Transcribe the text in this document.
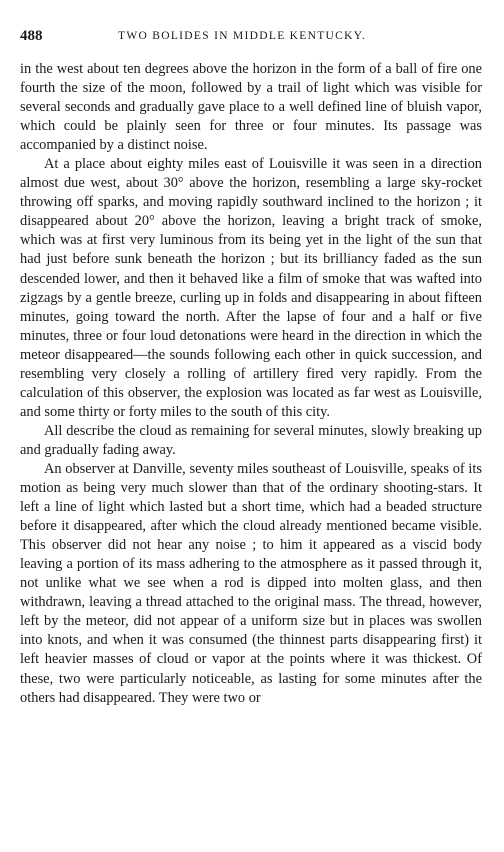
488	TWO BOLIDES IN MIDDLE KENTUCKY.

in the west about ten degrees above the horizon in the form of a ball of fire one fourth the size of the moon, followed by a trail of light which was visible for several seconds and gradually gave place to a well defined line of bluish vapor, which could be plainly seen for three or four minutes. Its passage was accompanied by a distinct noise.

At a place about eighty miles east of Louisville it was seen in a direction almost due west, about 30° above the horizon, resembling a large sky-rocket throwing off sparks, and moving rapidly southward inclined to the horizon ; it disappeared about 20° above the horizon, leaving a bright track of smoke, which was at first very luminous from its being yet in the light of the sun that had just before sunk beneath the horizon ; but its brilliancy faded as the sun descended lower, and then it behaved like a film of smoke that was wafted into zigzags by a gentle breeze, curling up in folds and disappearing in about fifteen minutes, going toward the north. After the lapse of four and a half or five minutes, three or four loud detonations were heard in the direction in which the meteor disappeared—the sounds following each other in quick succession, and resembling very closely a rolling of artillery fired very rapidly. From the calculation of this observer, the explosion was located as far west as Louisville, and some thirty or forty miles to the south of this city.

All describe the cloud as remaining for several minutes, slowly breaking up and gradually fading away.

An observer at Danville, seventy miles southeast of Louisville, speaks of its motion as being very much slower than that of the ordinary shooting-stars. It left a line of light which lasted but a short time, which had a beaded structure before it disappeared, after which the cloud already mentioned became visible. This observer did not hear any noise ; to him it appeared as a viscid body leaving a portion of its mass adhering to the atmosphere as it passed through it, not unlike what we see when a rod is dipped into molten glass, and then withdrawn, leaving a thread attached to the original mass. The thread, however, left by the meteor, did not appear of a uniform size but in places was swollen into knots, and when it was consumed (the thinnest parts disappearing first) it left heavier masses of cloud or vapor at the points where it was thickest. Of these, two were particularly noticeable, as lasting for some minutes after the others had disappeared. They were two or
